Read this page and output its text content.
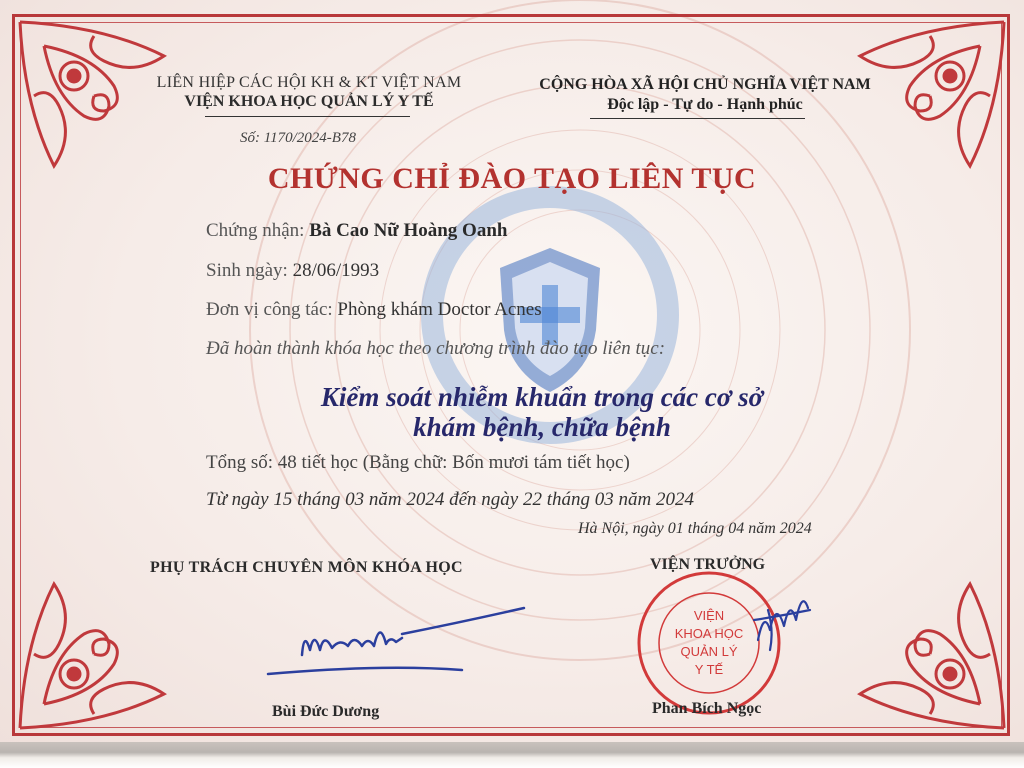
LIÊN HIỆP CÁC HỘI KH & KT VIỆT NAM
VIỆN KHOA HỌC QUẢN LÝ Y TẾ
Số: 1170/2024-B78
CỘNG HÒA XÃ HỘI CHỦ NGHĨA VIỆT NAM
Độc lập - Tự do - Hạnh phúc
CHỨNG CHỈ ĐÀO TẠO LIÊN TỤC
Chứng nhận: Bà Cao Nữ Hoàng Oanh
Sinh ngày: 28/06/1993
Đơn vị công tác: Phòng khám Doctor Acnes
Đã hoàn thành khóa học theo chương trình đào tạo liên tục:
Kiểm soát nhiễm khuẩn trong các cơ sở
khám bệnh, chữa bệnh
Tổng số: 48 tiết học (Bằng chữ: Bốn mươi tám tiết học)
Từ ngày 15 tháng 03 năm 2024 đến ngày 22 tháng 03 năm 2024
Hà Nội, ngày 01 tháng 04 năm 2024
PHỤ TRÁCH CHUYÊN MÔN KHÓA HỌC	VIỆN TRƯỞNG
VIỆN
KHOA HỌC
QUẢN LÝ
Y TẾ
Bùi Đức Dương	Phan Bích Ngọc
